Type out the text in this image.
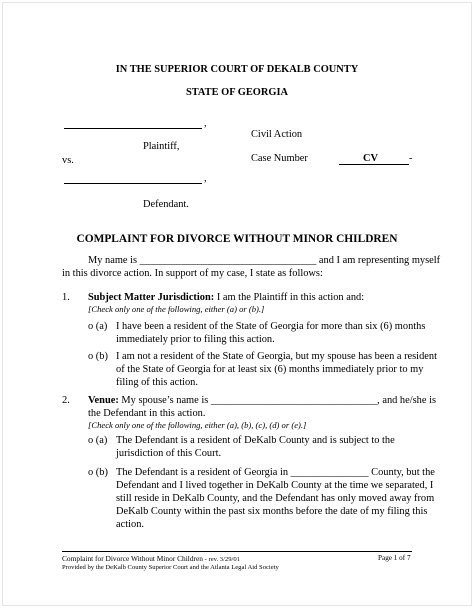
IN THE SUPERIOR COURT OF DEKALB COUNTY
STATE OF GEORGIA
,
Plaintiff,
vs.
,
Defendant.
Civil Action
Case Number	CV	-
COMPLAINT FOR DIVORCE WITHOUT MINOR CHILDREN
My name is __________________________________ and I am representing myself
in this divorce action. In support of my case, I state as follows:
1. Subject Matter Jurisdiction: I am the Plaintiff in this action and:
[Check only one of the following, either (a) or (b).]
o (a) I have been a resident of the State of Georgia for more than six (6) months
immediately prior to filing this action.
o (b) I am not a resident of the State of Georgia, but my spouse has been a resident
of the State of Georgia for at least six (6) months immediately prior to my
filing of this action.
2. Venue: My spouse’s name is ________________________________, and he/she is
the Defendant in this action.
[Check only one of the following, either (a), (b), (c), (d) or (e).]
o (a) The Defendant is a resident of DeKalb County and is subject to the
jurisdiction of this Court.
o (b) The Defendant is a resident of Georgia in _______________ County, but the
Defendant and I lived together in DeKalb County at the time we separated, I
still reside in DeKalb County, and the Defendant has only moved away from
DeKalb County within the past six months before the date of my filing this
action.
Complaint for Divorce Without Minor Children - rev. 3/29/01	Page 1 of 7
Provided by the DeKalb County Superior Court and the Atlanta Legal Aid Society
